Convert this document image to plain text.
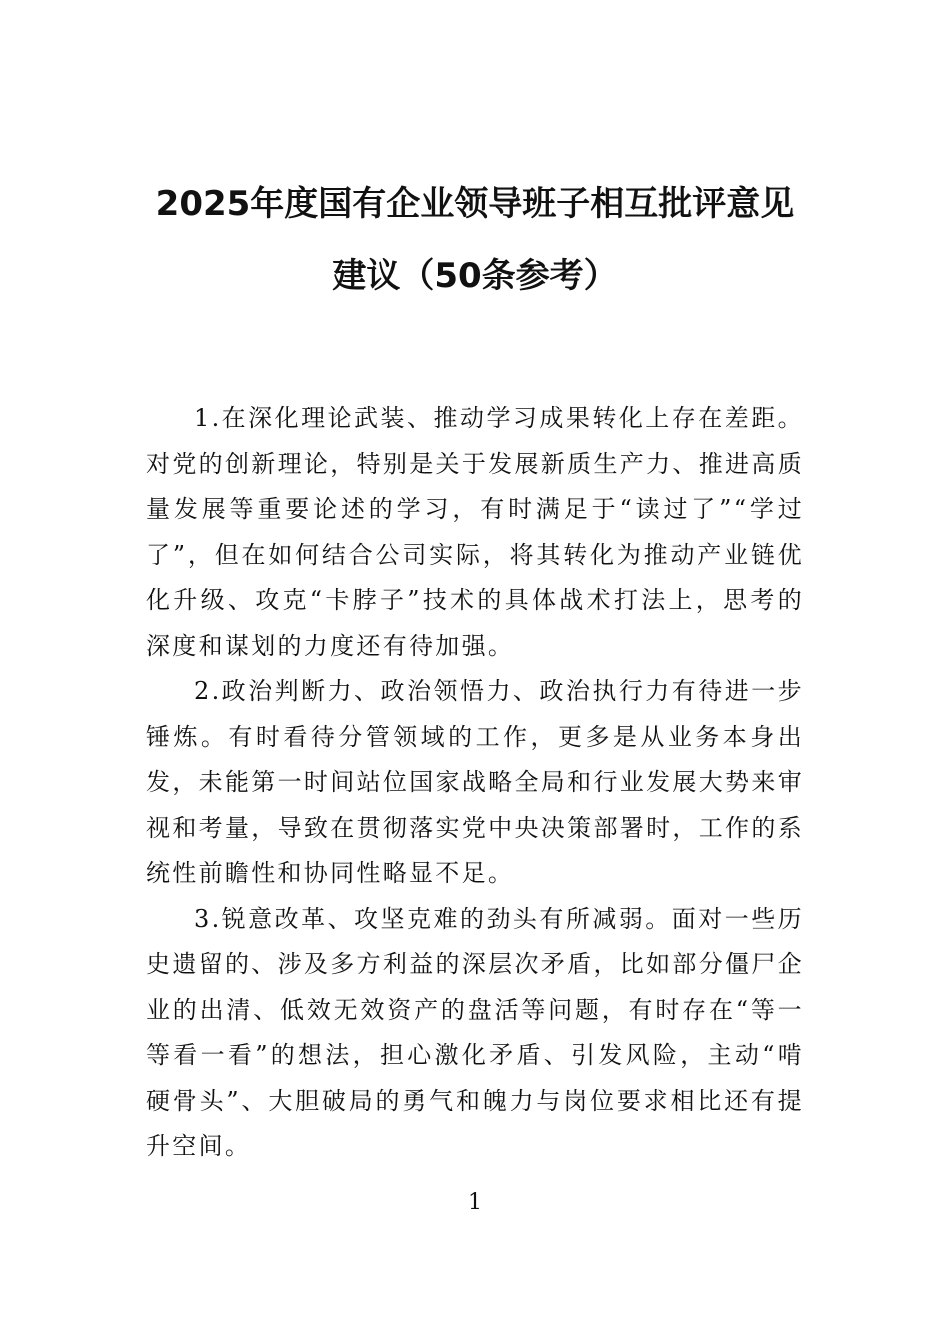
2025年度国有企业领导班子相互批评意见
建议（50条参考）

1.在深化理论武装、推动学习成果转化上存在差距。对党的创新理论，特别是关于发展新质生产力、推进高质量发展等重要论述的学习，有时满足于“读过了”“学过了”，但在如何结合公司实际，将其转化为推动产业链优化升级、攻克“卡脖子”技术的具体战术打法上，思考的深度和谋划的力度还有待加强。

2.政治判断力、政治领悟力、政治执行力有待进一步锤炼。有时看待分管领域的工作，更多是从业务本身出发，未能第一时间站位国家战略全局和行业发展大势来审视和考量，导致在贯彻落实党中央决策部署时，工作的系统性前瞻性和协同性略显不足。

3.锐意改革、攻坚克难的劲头有所减弱。面对一些历史遗留的、涉及多方利益的深层次矛盾，比如部分僵尸企业的出清、低效无效资产的盘活等问题，有时存在“等一等看一看”的想法，担心激化矛盾、引发风险，主动“啃硬骨头”、大胆破局的勇气和魄力与岗位要求相比还有提升空间。

1
